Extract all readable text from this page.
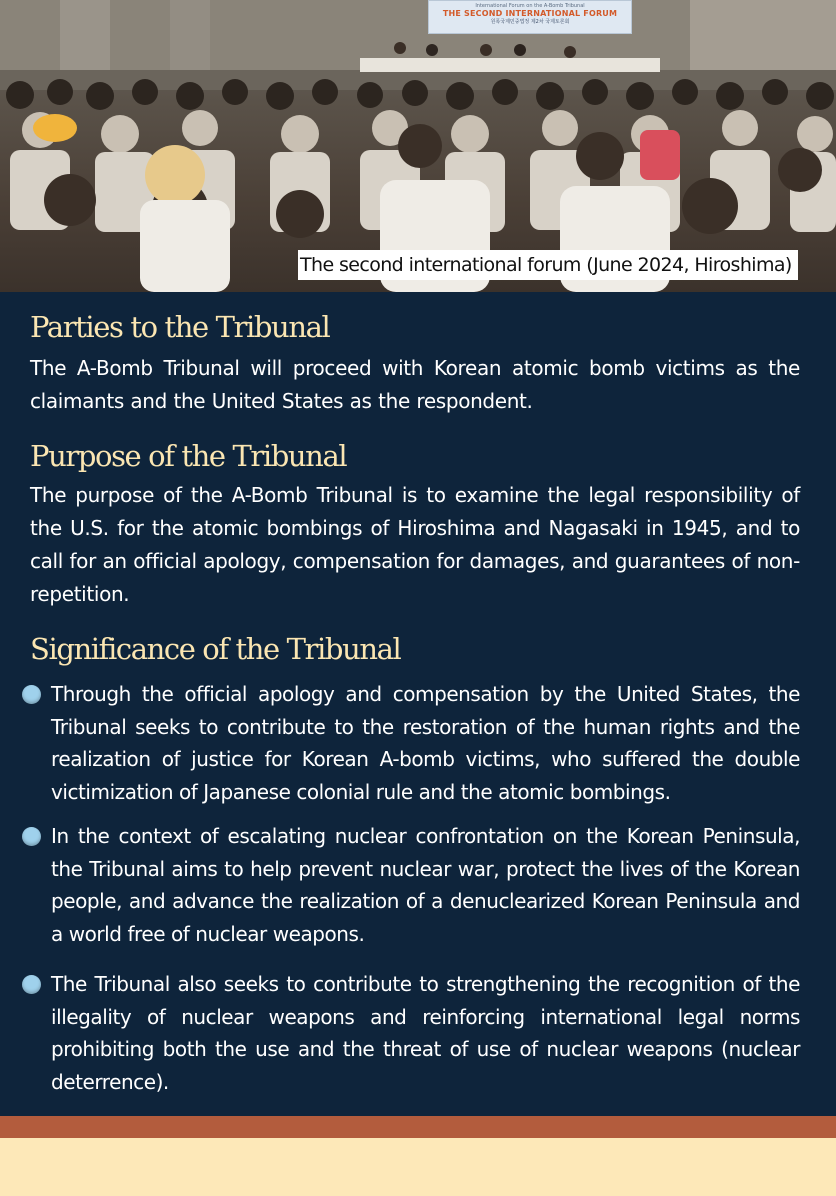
International Forum on the A-Bomb Tribunal
THE SECOND INTERNATIONAL FORUM
원폭국제민중법정 제2차 국제토론회
The second international forum (June 2024, Hiroshima)
Parties to the Tribunal

The A-Bomb Tribunal will proceed with Korean atomic bomb victims as the claimants and the United States as the respondent.

Purpose of the Tribunal

The purpose of the A-Bomb Tribunal is to examine the legal responsibility of the U.S. for the atomic bombings of Hiroshima and Nagasaki in 1945, and to call for an official apology, compensation for damages, and guarantees of non-repetition.

Significance of the Tribunal

Through the official apology and compensation by the United States, the Tribunal seeks to contribute to the restoration of the human rights and the realization of justice for Korean A-bomb victims, who suffered the double victimization of Japanese colonial rule and the atomic bombings.

In the context of escalating nuclear confrontation on the Korean Peninsula, the Tribunal aims to help prevent nuclear war, protect the lives of the Korean people, and advance the realization of a denuclearized Korean Peninsula and a world free of nuclear weapons.

The Tribunal also seeks to contribute to strengthening the recognition of the illegality of nuclear weapons and reinforcing international legal norms prohibiting both the use and the threat of use of nuclear weapons (nuclear deterrence).
